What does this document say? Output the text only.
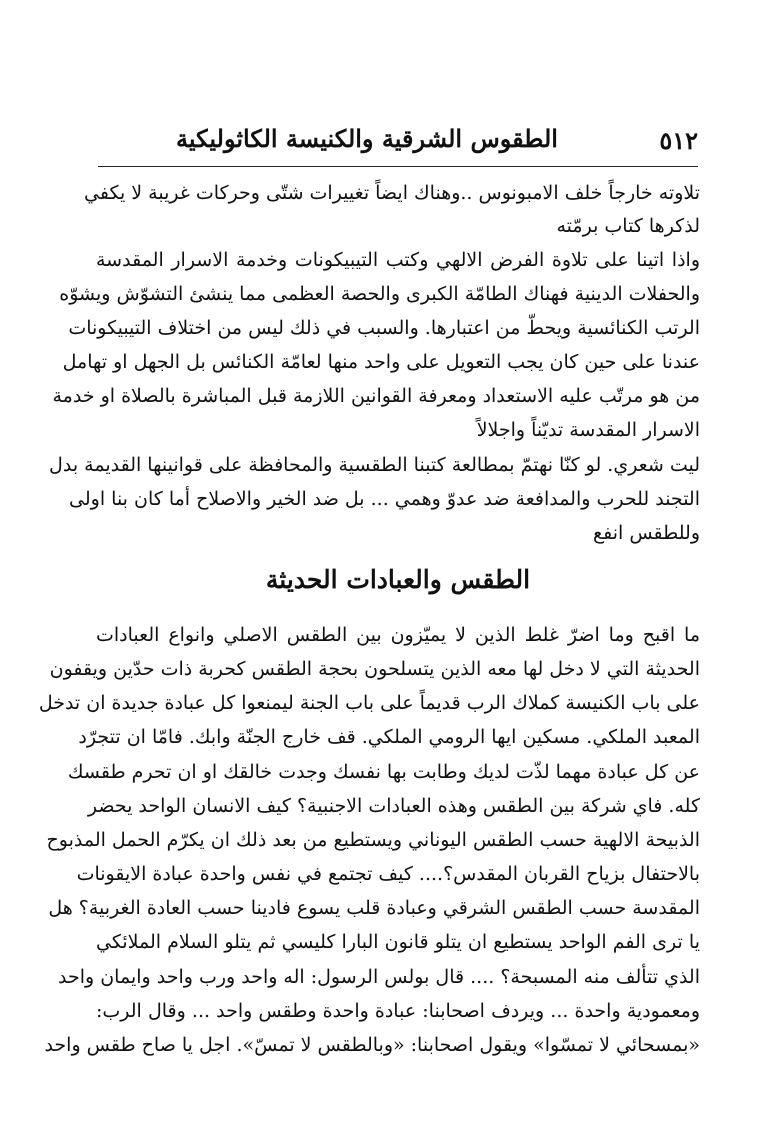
٥١٢
الطقوس الشرقية والكنيسة الكاثوليكية
تلاوته خارجاً خلف الامبونوس ..وهناك ايضاً تغييرات شتّى وحركات غريبة لا يكفي
لذكرها كتاب برمّته
واذا اتينا على تلاوة الفرض الالهي وكتب التيبيكونات وخدمة الاسرار المقدسة
والحفلات الدينية فهناك الطامّة الكبرى والحصة العظمى مما ينشئ التشوّش ويشوّه
الرتب الكنائسية ويحطّ من اعتبارها. والسبب في ذلك ليس من اختلاف التيبيكونات
عندنا على حين كان يجب التعويل على واحد منها لعامّة الكنائس بل الجهل او تهامل
من هو مرتّب عليه الاستعداد ومعرفة القوانين اللازمة قبل المباشرة بالصلاة او خدمة
الاسرار المقدسة تديّناً واجلالاً
ليت شعري. لو كنّا نهتمّ بمطالعة كتبنا الطقسية والمحافظة على قوانينها القديمة بدل
التجند للحرب والمدافعة ضد عدوّ وهمي ... بل ضد الخير والاصلاح أما كان بنا اولى
وللطقس انفع
الطقس والعبادات الحديثة
ما اقبح وما اضرّ غلط الذين لا يميّزون بين الطقس الاصلي وانواع العبادات
الحديثة التي لا دخل لها معه الذين يتسلحون بحجة الطقس كحربة ذات حدّين ويقفون
على باب الكنيسة كملاك الرب قديماً على باب الجنة ليمنعوا كل عبادة جديدة ان تدخل
المعبد الملكي. مسكين ايها الرومي الملكي. قف خارج الجنّة وابك. فامّا ان تتجرّد
عن كل عبادة مهما لذّت لديك وطابت بها نفسك وجدت خالقك او ان تحرم طقسك
كله. فاي شركة بين الطقس وهذه العبادات الاجنبية؟ كيف الانسان الواحد يحضر
الذبيحة الالهية حسب الطقس اليوناني ويستطيع من بعد ذلك ان يكرّم الحمل المذبوح
بالاحتفال بزياح القربان المقدس؟.... كيف تجتمع في نفس واحدة عبادة الايقونات
المقدسة حسب الطقس الشرقي وعبادة قلب يسوع فادينا حسب العادة الغربية؟ هل
يا ترى الفم الواحد يستطيع ان يتلو قانون البارا كليسي ثم يتلو السلام الملائكي
الذي تتألف منه المسبحة؟ .... قال بولس الرسول: اله واحد ورب واحد وايمان واحد
ومعمودية واحدة ... ويردف اصحابنا: عبادة واحدة وطقس واحد ... وقال الرب:
«بمسحائي لا تمسّوا» ويقول اصحابنا: «وبالطقس لا تمسّ». اجل يا صاح طقس واحد
